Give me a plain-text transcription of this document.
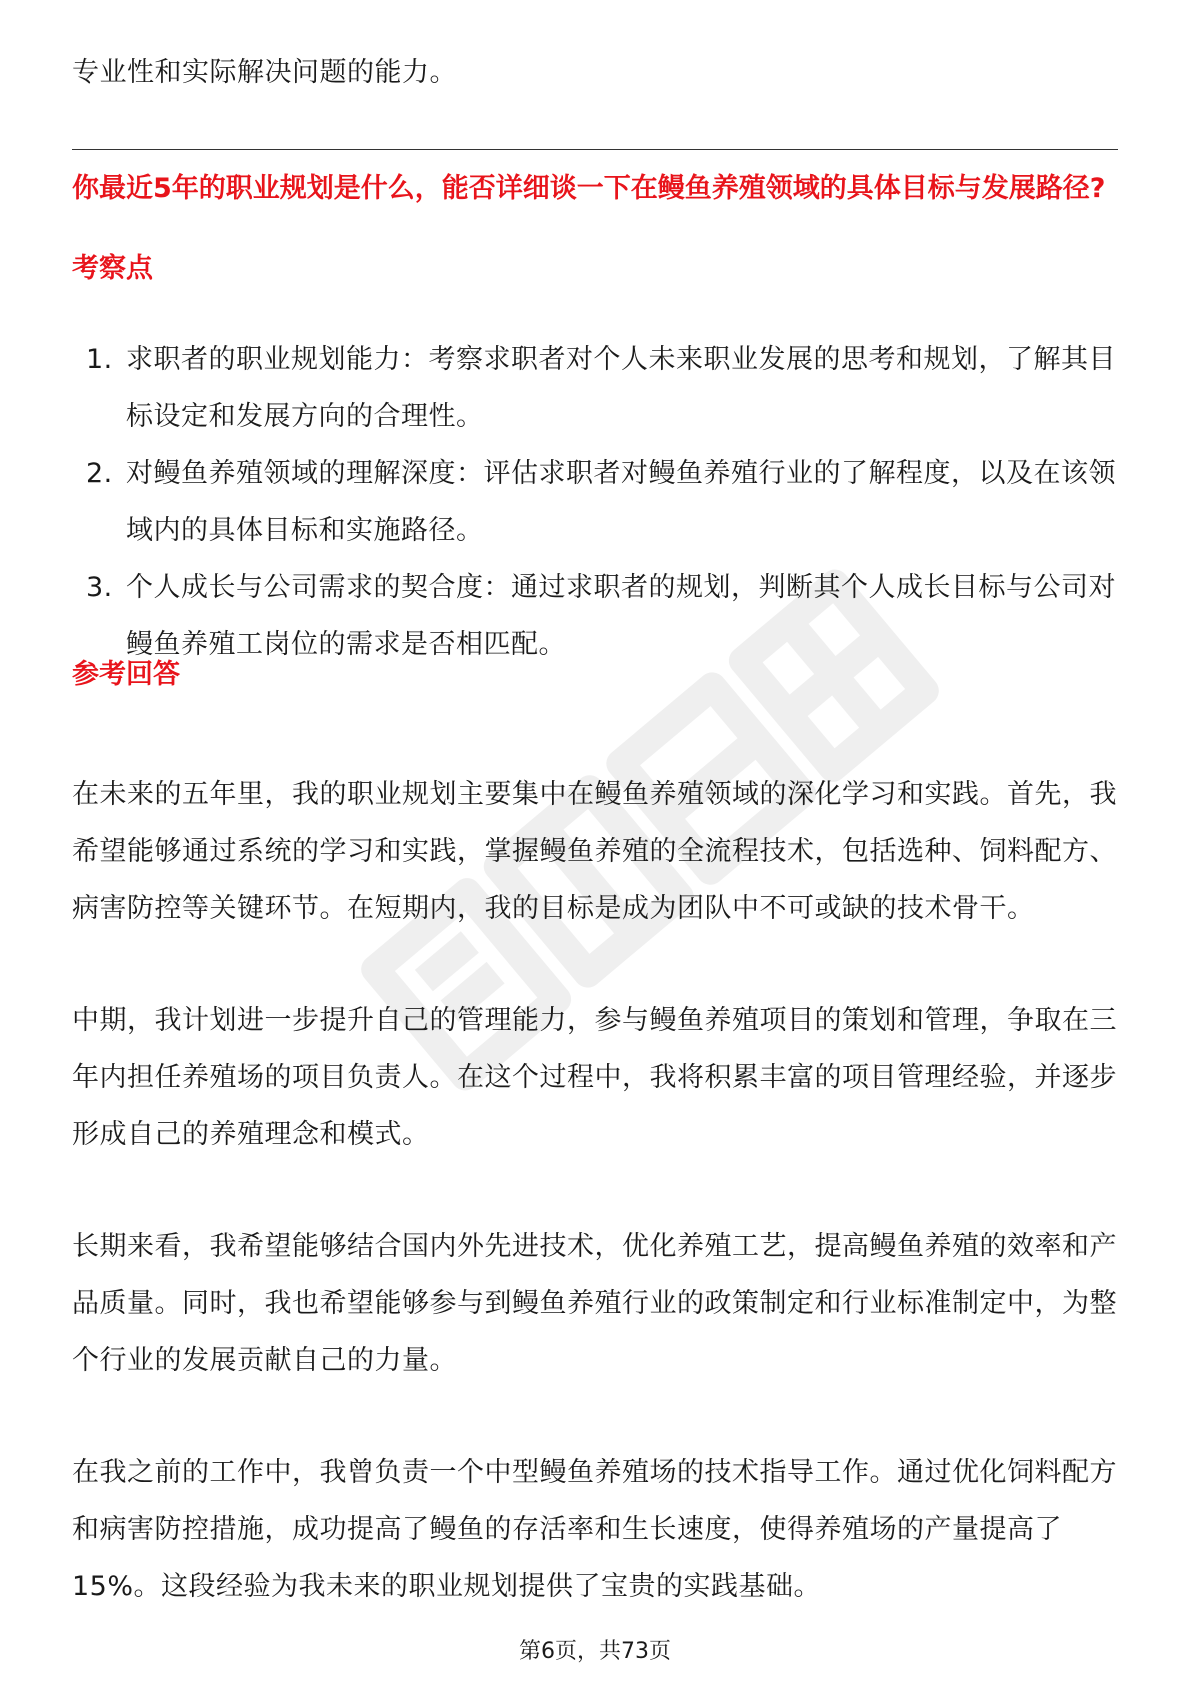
专业性和实际解决问题的能力。

你最近5年的职业规划是什么，能否详细谈一下在鳗鱼养殖领域的具体目标与发展路径?

考察点

1. 求职者的职业规划能力：考察求职者对个人未来职业发展的思考和规划，了解其目标设定和发展方向的合理性。
2. 对鳗鱼养殖领域的理解深度：评估求职者对鳗鱼养殖行业的了解程度，以及在该领域内的具体目标和实施路径。
3. 个人成长与公司需求的契合度：通过求职者的规划，判断其个人成长目标与公司对鳗鱼养殖工岗位的需求是否相匹配。

参考回答

在未来的五年里，我的职业规划主要集中在鳗鱼养殖领域的深化学习和实践。首先，我希望能够通过系统的学习和实践，掌握鳗鱼养殖的全流程技术，包括选种、饲料配方、病害防控等关键环节。在短期内，我的目标是成为团队中不可或缺的技术骨干。

中期，我计划进一步提升自己的管理能力，参与鳗鱼养殖项目的策划和管理，争取在三年内担任养殖场的项目负责人。在这个过程中，我将积累丰富的项目管理经验，并逐步形成自己的养殖理念和模式。

长期来看，我希望能够结合国内外先进技术，优化养殖工艺，提高鳗鱼养殖的效率和产品质量。同时，我也希望能够参与到鳗鱼养殖行业的政策制定和行业标准制定中，为整个行业的发展贡献自己的力量。

在我之前的工作中，我曾负责一个中型鳗鱼养殖场的技术指导工作。通过优化饲料配方和病害防控措施，成功提高了鳗鱼的存活率和生长速度，使得养殖场的产量提高了15%。这段经验为我未来的职业规划提供了宝贵的实践基础。

第6页，共73页
